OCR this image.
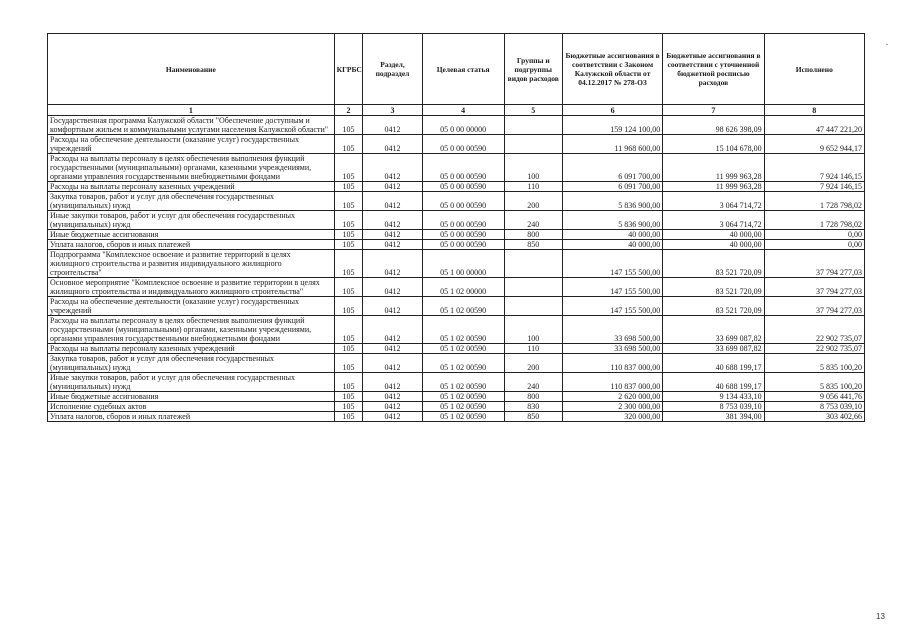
Наименование	КГРБС	Раздел, подраздел	Целевая статья	Группы и подгруппы видов расходов	Бюджетные ассигнования в соответствии с Законом Калужской области от 04.12.2017 № 278-ОЗ	Бюджетные ассигнования в соответствии с уточненной бюджетной росписью расходов	Исполнено
1	2	3	4	5	6	7	8
Государственная программа Калужской области "Обеспечение доступным и комфортным жильем и коммунальными услугами населения Калужской области"	105	0412	05 0 00 00000		159 124 100,00	98 626 398,09	47 447 221,20
Расходы на обеспечение деятельности (оказание услуг) государственных учреждений	105	0412	05 0 00 00590		11 968 600,00	15 104 678,00	9 652 944,17
Расходы на выплаты персоналу в целях обеспечения выполнения функций государственными (муниципальными) органами, казенными учреждениями, органами управления государственными внебюджетными фондами	105	0412	05 0 00 00590	100	6 091 700,00	11 999 963,28	7 924 146,15
Расходы на выплаты персоналу казенных учреждений	105	0412	05 0 00 00590	110	6 091 700,00	11 999 963,28	7 924 146,15
Закупка товаров, работ и услуг для обеспечения государственных (муниципальных) нужд	105	0412	05 0 00 00590	200	5 836 900,00	3 064 714,72	1 728 798,02
Иные закупки товаров, работ и услуг для обеспечения государственных (муниципальных) нужд	105	0412	05 0 00 00590	240	5 836 900,00	3 064 714,72	1 728 798,02
Иные бюджетные ассигнования	105	0412	05 0 00 00590	800	40 000,00	40 000,00	0,00
Уплата налогов, сборов и иных платежей	105	0412	05 0 00 00590	850	40 000,00	40 000,00	0,00
Подпрограмма "Комплексное освоение и развитие территорий в целях жилищного строительства и развития индивидуального жилищного строительства"	105	0412	05 1 00 00000		147 155 500,00	83 521 720,09	37 794 277,03
Основное мероприятие "Комплексное освоение и развитие территории в целях жилищного строительства и индивидуального жилищного строительства"	105	0412	05 1 02 00000		147 155 500,00	83 521 720,09	37 794 277,03
Расходы на обеспечение деятельности (оказание услуг) государственных учреждений	105	0412	05 1 02 00590		147 155 500,00	83 521 720,09	37 794 277,03
Расходы на выплаты персоналу в целях обеспечения выполнения функций государственными (муниципальными) органами, казенными учреждениями, органами управления государственными внебюджетными фондами	105	0412	05 1 02 00590	100	33 698 500,00	33 699 087,82	22 902 735,07
Расходы на выплаты персоналу казенных учреждений	105	0412	05 1 02 00590	110	33 698 500,00	33 699 087,82	22 902 735,07
Закупка товаров, работ и услуг для обеспечения государственных (муниципальных) нужд	105	0412	05 1 02 00590	200	110 837 000,00	40 688 199,17	5 835 100,20
Иные закупки товаров, работ и услуг для обеспечения государственных (муниципальных) нужд	105	0412	05 1 02 00590	240	110 837 000,00	40 688 199,17	5 835 100,20
Иные бюджетные ассигнования	105	0412	05 1 02 00590	800	2 620 000,00	9 134 433,10	9 056 441,76
Исполнение судебных актов	105	0412	05 1 02 00590	830	2 300 000,00	8 753 039,10	8 753 039,10
Уплата налогов, сборов и иных платежей	105	0412	05 1 02 00590	850	320 000,00	381 394,00	303 402,66
13
